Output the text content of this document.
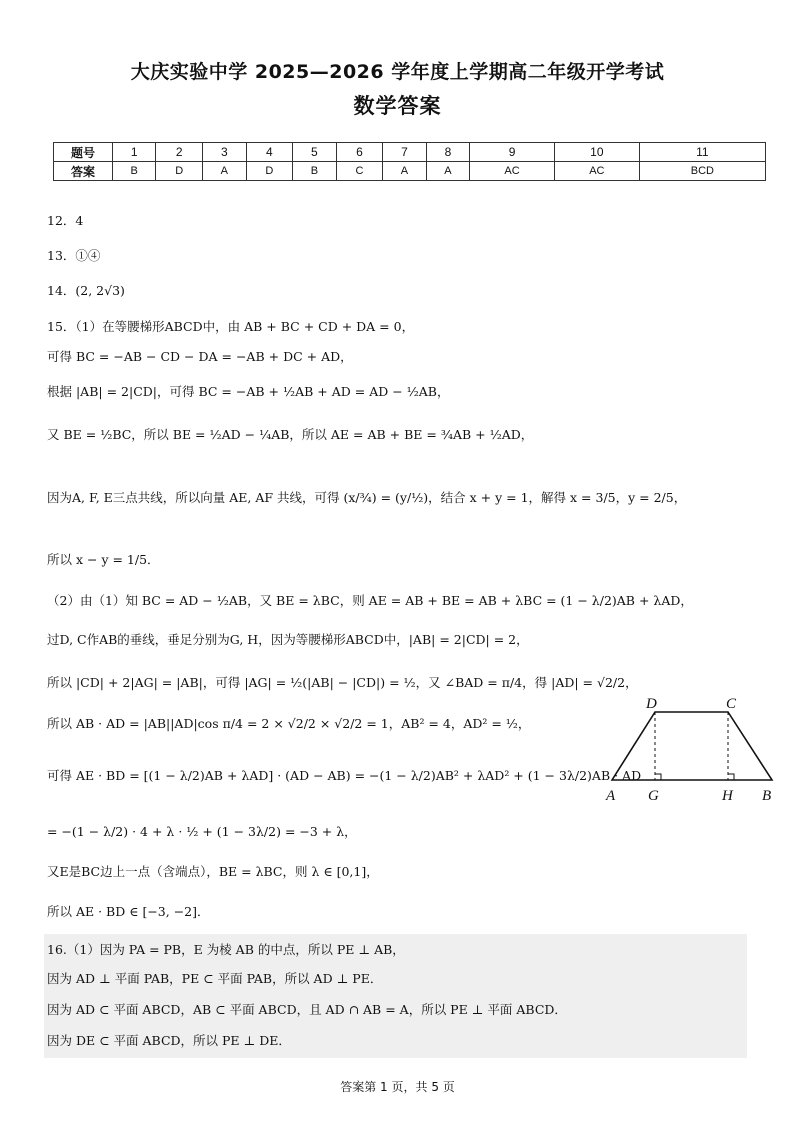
大庆实验中学 2025—2026 学年度上学期高二年级开学考试
数学答案
题号	1	2	3	4	5	6	7	8	9	10	11
答案	B	D	A	D	B	C	A	A	AC	AC	BCD
12．4
13．①④
14．(2, 2√3)
15．（1）在等腰梯形ABCD中，由 AB + BC + CD + DA = 0，
可得 BC = −AB − CD − DA = −AB + DC + AD，
根据 |AB| = 2|CD|，可得 BC = −AB + ½AB + AD = AD − ½AB，
又 BE = ½BC，所以 BE = ½AD − ¼AB，所以 AE = AB + BE = ¾AB + ½AD，
因为A, F, E三点共线，所以向量 AE, AF 共线，可得 (x/¾) = (y/½)，结合 x + y = 1，解得 x = 3/5，y = 2/5，
所以 x − y = 1/5．
（2）由（1）知 BC = AD − ½AB，又 BE = λBC，则 AE = AB + BE = AB + λBC = (1 − λ/2)AB + λAD，
过D, C作AB的垂线，垂足分别为G, H，因为等腰梯形ABCD中，|AB| = 2|CD| = 2，
所以 |CD| + 2|AG| = |AB|，可得 |AG| = ½(|AB| − |CD|) = ½，又 ∠BAD = π/4，得 |AD| = √2/2，
所以 AB · AD = |AB||AD|cos π/4 = 2 × √2/2 × √2/2 = 1，AB² = 4，AD² = ½，
可得 AE · BD = [(1 − λ/2)AB + λAD] · (AD − AB) = −(1 − λ/2)AB² + λAD² + (1 − 3λ/2)AB · AD
= −(1 − λ/2) · 4 + λ · ½ + (1 − 3λ/2) = −3 + λ，
又E是BC边上一点（含端点），BE = λBC，则 λ ∈ [0,1]，
所以 AE · BD ∈ [−3, −2]．
16.（1）因为 PA = PB，E 为棱 AB 的中点，所以 PE ⊥ AB，
因为 AD ⊥ 平面 PAB，PE ⊂ 平面 PAB，所以 AD ⊥ PE．
因为 AD ⊂ 平面 ABCD，AB ⊂ 平面 ABCD，且 AD ∩ AB = A，所以 PE ⊥ 平面 ABCD．
因为 DE ⊂ 平面 ABCD，所以 PE ⊥ DE．
D	C
A G	H B
答案第 1 页，共 5 页
